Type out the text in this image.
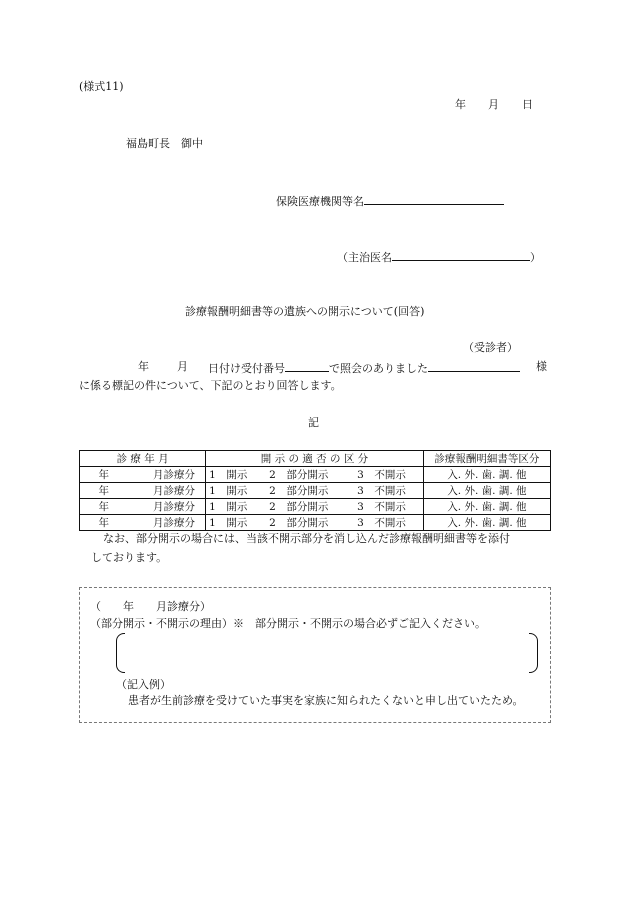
(様式11)
年 月 日
福島町長　御中
保険医療機関等名
（主治医名	）
診療報酬明細書等の遺族への開示について(回答)
（受診者）
年	月 日付け受付番号	で照会のありました	様
に係る標記の件について、下記のとおり回答します。
記
診 療 年 月	開 示 の 適 否 の 区 分	診療報酬明細書等区分
年 月診療分	1　開示 2　部分開示 3　不開示	入. 外. 歯. 調. 他
年 月診療分	1　開示 2　部分開示 3　不開示	入. 外. 歯. 調. 他
年 月診療分	1　開示 2　部分開示 3　不開示	入. 外. 歯. 調. 他
年 月診療分	1　開示 2　部分開示 3　不開示	入. 外. 歯. 調. 他
なお、部分開示の場合には、当該不開示部分を消し込んだ診療報酬明細書等を添付
しております。
（　　年　　月診療分）
（部分開示・不開示の理由）※　部分開示・不開示の場合必ずご記入ください。
（記入例）
患者が生前診療を受けていた事実を家族に知られたくないと申し出ていたため。
